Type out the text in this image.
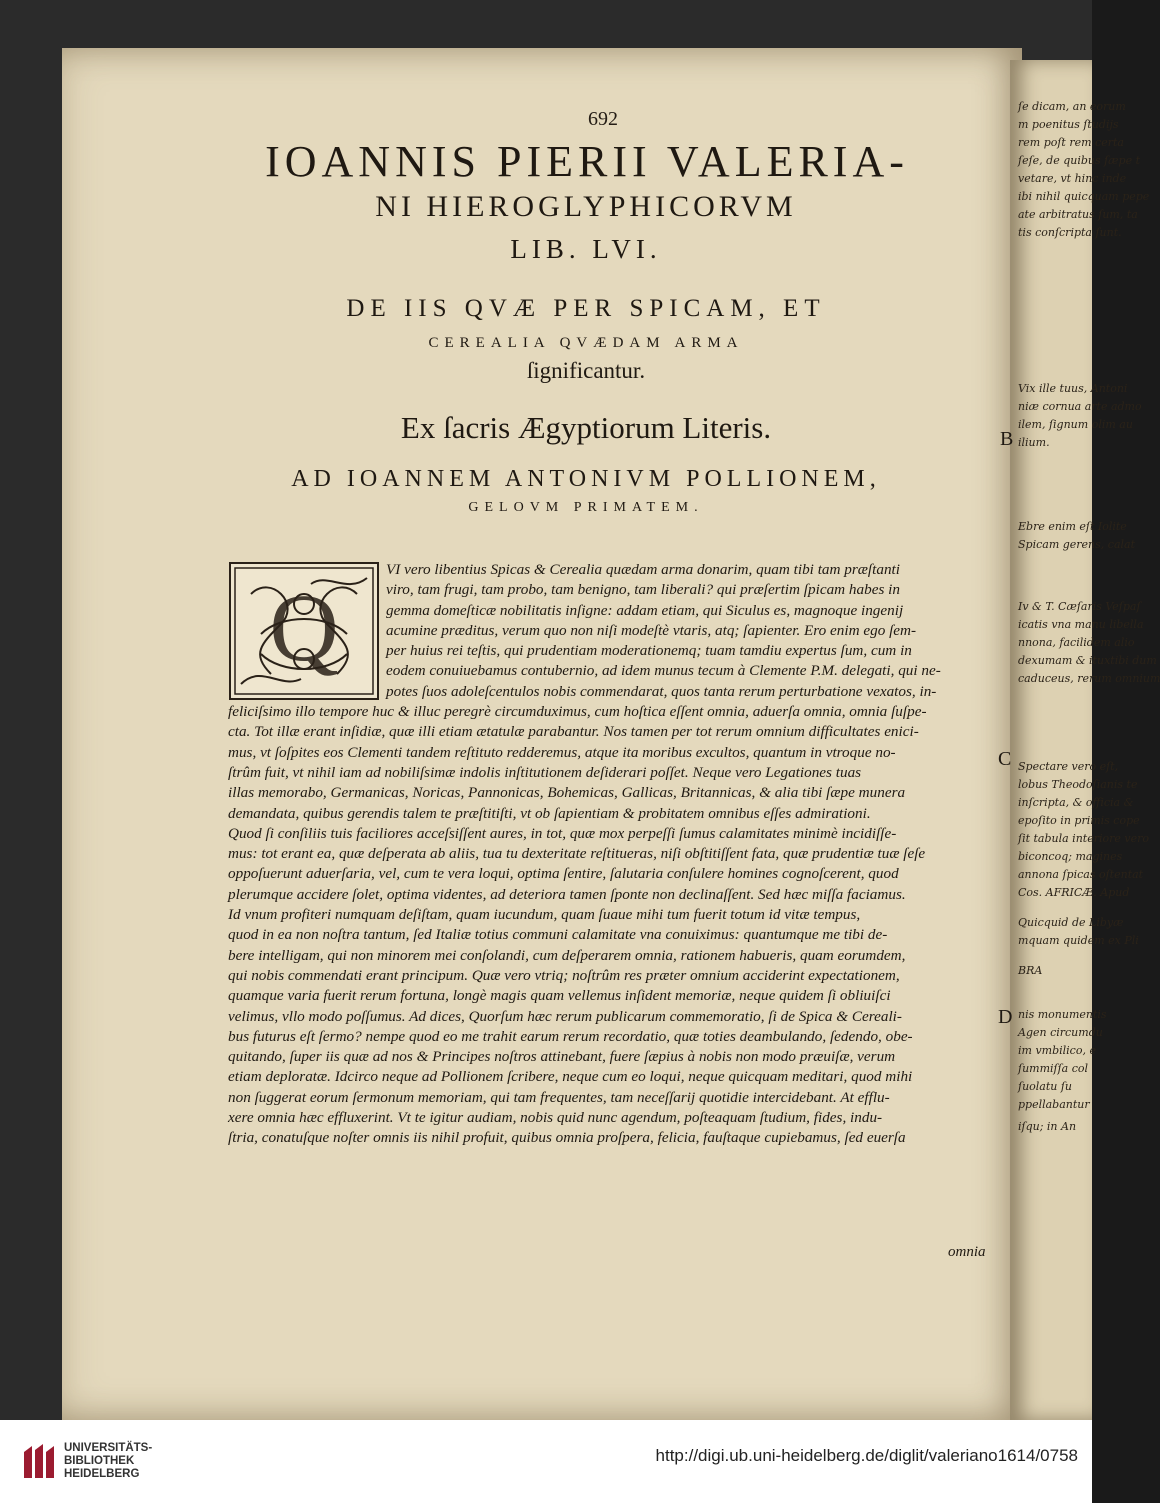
ſe dicam, an eorum
m poenitus ſtudijs
rem poſt rem certa
ſeſe, de quibus ſæpe t
vetare, vt hinc inde
ibi nihil quicquam pepe
ate arbitratus ſum, ta
tis conſcripta ſunt.
Vix ille tuus, Antoni
niæ cornua arte admo
ilem, ſignum olim au
ilium.
Ebre enim eſt Iolite
Spicam gerens, calat
Iv & T. Cæſaris Veſpaſ
icatis vna manu libella
nnona, facilidem alio
dexumam & ituxtibi dum
caduceus, rerum omnium
Spectare vero eſt,
lobus Theodoſianis te
inſcripta, & officia &
epoſito in primis cope
ſit tabula interiore vero
biconcoq; magines
annona ſpicas oſtentat
Cos. AFRICÆ. Apud
Quicquid de Libyæ
mquam quidem ex Pli
BRA
nis monumentis
Agen circumdu
im vmbilico, e
ſummiſſa col
ſuolatu ſu
ppellabantur
iſqu; in An
692
IOANNIS PIERII VALERIA-
NI HIEROGLYPHICORVM
LIB. LVI.
DE IIS QVÆ PER SPICAM, ET
CEREALIA QVÆDAM ARMA
ſignificantur.
Ex ſacris Ægyptiorum Literis.
AD IOANNEM ANTONIVM POLLIONEM,
GELOVM PRIMATEM.
B
C
D
Q
VI vero libentius Spicas & Cerealia quædam arma donarim, quam tibi tam præſtanti
viro, tam frugi, tam probo, tam benigno, tam liberali? qui præſertim ſpicam habes in
gemma domeſticæ nobilitatis inſigne: addam etiam, qui Siculus es, magnoque ingenij
acumine præditus, verum quo non niſi modeſtè vtaris, atq; ſapienter. Ero enim ego ſem-
per huius rei teſtis, qui prudentiam moderationemq; tuam tamdiu expertus ſum, cum in
eodem conuiuebamus contubernio, ad idem munus tecum à Clemente P.M. delegati, qui ne-
potes ſuos adoleſcentulos nobis commendarat, quos tanta rerum perturbatione vexatos, in-
feliciſsimo illo tempore huc & illuc peregrè circumduximus, cum hoſtica eſſent omnia, aduerſa omnia, omnia ſuſpe-
cta. Tot illæ erant inſidiæ, quæ illi etiam ætatulæ parabantur. Nos tamen per tot rerum omnium difficultates enici-
mus, vt ſoſpites eos Clementi tandem reſtituto redderemus, atque ita moribus excultos, quantum in vtroque no-
ſtrûm fuit, vt nihil iam ad nobiliſsimæ indolis inſtitutionem deſiderari poſſet. Neque vero Legationes tuas
illas memorabo, Germanicas, Noricas, Pannonicas, Bohemicas, Gallicas, Britannicas, & alia tibi ſæpe munera
demandata, quibus gerendis talem te præſtitiſti, vt ob ſapientiam & probitatem omnibus eſſes admirationi.
Quod ſi conſiliis tuis faciliores acceſsiſſent aures, in tot, quæ mox perpeſſi ſumus calamitates minimè incidiſſe-
mus: tot erant ea, quæ deſperata ab aliis, tua tu dexteritate reſtitueras, niſi obſtitiſſent fata, quæ prudentiæ tuæ ſeſe
oppoſuerunt aduerſaria, vel, cum te vera loqui, optima ſentire, ſalutaria conſulere homines cognoſcerent, quod
plerumque accidere ſolet, optima videntes, ad deteriora tamen ſponte non declinaſſent. Sed hæc miſſa faciamus.
Id vnum profiteri numquam deſiſtam, quam iucundum, quam ſuaue mihi tum fuerit totum id vitæ tempus,
quod in ea non noſtra tantum, ſed Italiæ totius communi calamitate vna conuiximus: quantumque me tibi de-
bere intelligam, qui non minorem mei conſolandi, cum deſperarem omnia, rationem habueris, quam eorumdem,
qui nobis commendati erant principum. Quæ vero vtriq; noſtrûm res præter omnium acciderint expectationem,
quamque varia fuerit rerum fortuna, longè magis quam vellemus inſident memoriæ, neque quidem ſi obliuiſci
velimus, vllo modo poſſumus. Ad dices, Quorſum hæc rerum publicarum commemoratio, ſi de Spica & Cereali-
bus futurus eſt ſermo? nempe quod eo me trahit earum rerum recordatio, quæ toties deambulando, ſedendo, obe-
quitando, ſuper iis quæ ad nos & Principes noſtros attinebant, fuere ſæpius à nobis non modo præuiſæ, verum
etiam deploratæ. Idcirco neque ad Pollionem ſcribere, neque cum eo loqui, neque quicquam meditari, quod mihi
non ſuggerat eorum ſermonum memoriam, qui tam frequentes, tam neceſſarij quotidie intercidebant. At efflu-
xere omnia hæc effluxerint. Vt te igitur audiam, nobis quid nunc agendum, poſteaquam ſtudium, fides, indu-
ſtria, conatuſque noſter omnis iis nihil profuit, quibus omnia proſpera, felicia, fauſtaque cupiebamus, ſed euerſa
omnia
UNIVERSITÄTS-
BIBLIOTHEK
HEIDELBERG
http://digi.ub.uni-heidelberg.de/diglit/valeriano1614/0758
